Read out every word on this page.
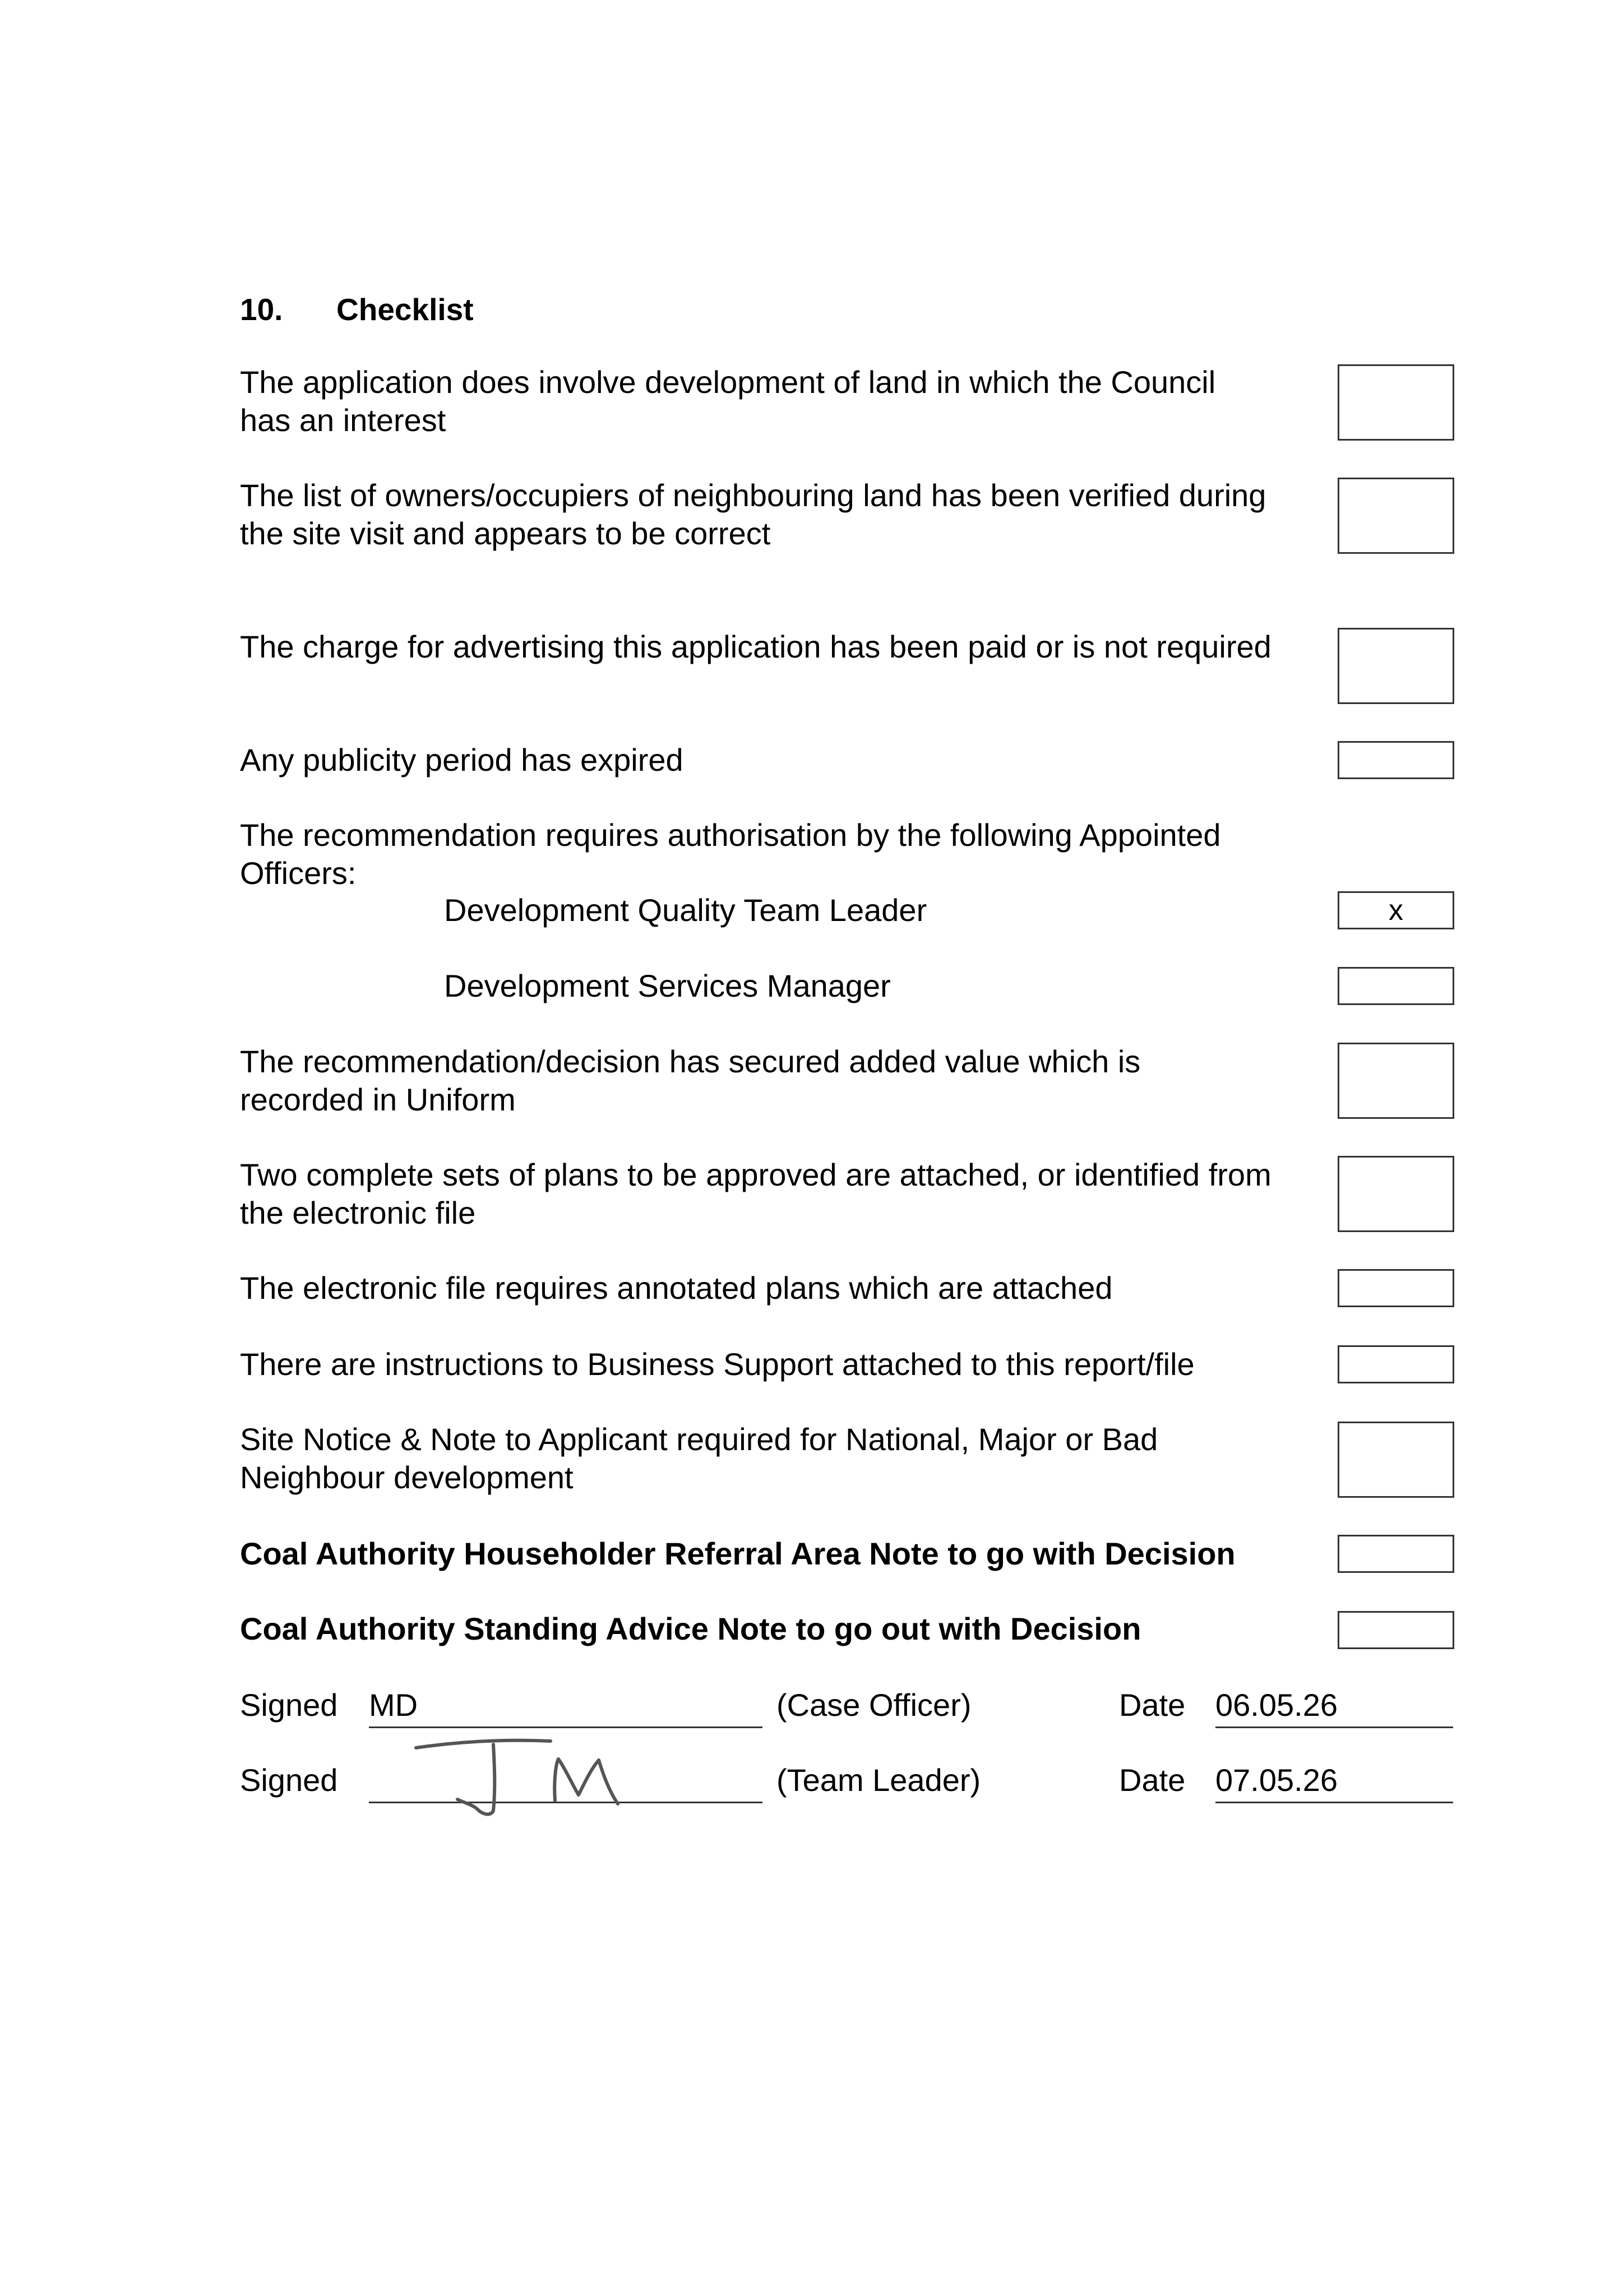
10. Checklist
The application does involve development of land in which the Council has an interest
The list of owners/occupiers of neighbouring land has been verified during the site visit and appears to be correct
The charge for advertising this application has been paid or is not required
Any publicity period has expired
The recommendation requires authorisation by the following Appointed Officers:
Development Quality Team Leader	x
Development Services Manager
The recommendation/decision has secured added value which is recorded in Uniform
Two complete sets of plans to be approved are attached, or identified from the electronic file
The electronic file requires annotated plans which are attached
There are instructions to Business Support attached to this report/file
Site Notice & Note to Applicant required for National, Major or Bad Neighbour development
Coal Authority Householder Referral Area Note to go with Decision
Coal Authority Standing Advice Note to go out with Decision
Signed MD	(Case Officer)	Date 06.05.26
Signed	(Team Leader)	Date 07.05.26
